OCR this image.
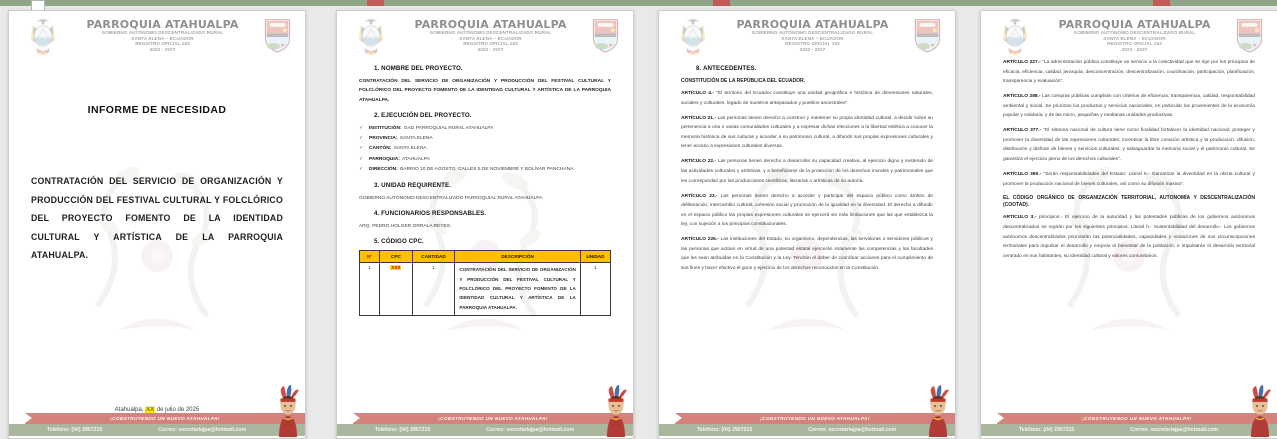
PARROQUIA ATAHUALPA
GOBIERNO AUTÓNOMO DESCENTRALIZADO RURAL
SANTA ELENA – ECUADOR
REGISTRO OFICIAL 193
2023 - 2027
INFORME DE NECESIDAD
CONTRATACIÓN DEL SERVICIO DE ORGANIZACIÓN Y PRODUCCIÓN DEL FESTIVAL CULTURAL Y FOLCLÓRICO DEL PROYECTO FOMENTO DE LA IDENTIDAD CULTURAL Y ARTÍSTICA DE LA PARROQUIA ATAHUALPA.
Atahualpa, XX de julio de 2025
¡CONSTRUYENDO UN NUEVO ATAHUALPA!
Teléfono: (04) 2907215	Correo: secretariajpa@hotmail.com
PARROQUIA ATAHUALPA
GOBIERNO AUTÓNOMO DESCENTRALIZADO RURAL
SANTA ELENA – ECUADOR
REGISTRO OFICIAL 193
2023 - 2027
1. NOMBRE DEL PROYECTO.
CONTRATACIÓN DEL SERVICIO DE ORGANIZACIÓN Y PRODUCCIÓN DEL FESTIVAL CULTURAL Y FOLCLÓRICO DEL PROYECTO FOMENTO DE LA IDENTIDAD CULTURAL Y ARTÍSTICA DE LA PARROQUIA ATAHUALPA.
2. EJECUCIÓN DEL PROYECTO.
✓	INSTITUCIÓN: GAD PARROQUIAL RURAL ATAHUALPA
✓	PROVINCIA: SANTA ELENA
✓	CANTÓN: SANTA ELENA
✓	PARROQUIA: ATAHUALPA
✓	DIRECCIÓN: BARRIO 10 DE AGOSTO, CALLES 5 DE NOVIEMBRE Y BOLÍVAR PANCHANA.
3. UNIDAD REQUIRENTE.
GOBIERNO AUTÓNOMO DESCENTRALIZADO PARROQUIAL RURAL ATAHUALPA.
4. FUNCIONARIOS RESPONSABLES.
ARQ. PEDRO HOLGER ORRALA REYES.
5. CÓDIGO CPC.
Nº	CPC	CANTIDAD	DESCRIPCIÓN	UNIDAD
1	XXX	1	CONTRATACIÓN DEL SERVICIO DE ORGANIZACIÓN Y PRODUCCIÓN DEL FESTIVAL CULTURAL Y FOLCLÓRICO DEL PROYECTO FOMENTO DE LA IDENTIDAD CULTURAL Y ARTÍSTICA DE LA PARROQUIA ATAHUALPA.	1
¡CONSTRUYENDO UN NUEVO ATAHUALPA!
Teléfono: (04) 2907215	Correo: secretariajpa@hotmail.com
PARROQUIA ATAHUALPA
GOBIERNO AUTÓNOMO DESCENTRALIZADO RURAL
SANTA ELENA – ECUADOR
REGISTRO OFICIAL 193
2023 - 2027
8. ANTECEDENTES.
CONSTITUCIÓN DE LA REPÚBLICA DEL ECUADOR.
ARTÍCULO 4.- "El territorio del Ecuador constituye una unidad geográfica e histórica de dimensiones naturales, sociales y culturales, legado de nuestros antepasados y pueblos ancestrales".
ARTÍCULO 21.- Las personas tienen derecho a construir y mantener su propia identidad cultural, a decidir sobre su pertenencia a una o varias comunidades culturales y a expresar dichas elecciones a la libertad estética a conocer la memoria histórica de sus culturas y acceder a su patrimonio cultural, a difundir sus propias expresiones culturales y tener acceso a expresiones culturales diversas.
ARTÍCULO 22.- Las personas tienen derecho a desarrollar su capacidad creativa, al ejercicio digno y sostenido de las actividades culturales y artísticas, y a beneficiarse de la protección de los derechos morales y patrimoniales que les correspondan por las producciones científicas, literarias o artísticas de su autoría.
ARTÍCULO 23.- Las personas tienen derecho a acceder y participar del espacio público como ámbito de deliberación, intercambio cultural, cohesión social y promoción de la igualdad en la diversidad. El derecho a difundir en el espacio público las propias expresiones culturales se ejercerá sin más limitaciones que las que establezca la ley, con sujeción a los principios constitucionales.
ARTÍCULO 226.- Las instituciones del Estado, su organismo, dependencias, las servidoras o servidores públicos y las personas que actúan en virtud de una potestad estatal ejercerán solamente las competencias y las facultades que les sean atribuidas en la Constitución y la Ley. Tendrán el deber de coordinar acciones para el cumplimiento de sus fines y hacer efectivo el goce y ejercicio de los derechos reconocidos en la Constitución.
¡CONSTRUYENDO UN NUEVO ATAHUALPA!
Teléfono: (04) 2907215	Correo: secretariajpa@hotmail.com
PARROQUIA ATAHUALPA
GOBIERNO AUTÓNOMO DESCENTRALIZADO RURAL
SANTA ELENA – ECUADOR
REGISTRO OFICIAL 193
2023 - 2027
ARTÍCULO 227.- "La administración pública constituye un servicio a la colectividad que se rige por los principios de eficacia, eficiencia, calidad, jerarquía, desconcentración, descentralización, coordinación, participación, planificación, transparencia y evaluación".
ARTÍCULO 288.- Las compras públicas cumplirán con criterios de eficiencia, transparencia, calidad, responsabilidad ambiental y social. Se priorizan los productos y servicios nacionales, en particular los provenientes de la economía popular y solidaria, y de las micro, pequeñas y medianas unidades productivas.
ARTÍCULO 377.- "El sistema nacional de cultura tiene como finalidad fortalecer la identidad nacional; proteger y promover la diversidad de las expresiones culturales; incentivar la libre creación artística y la producción, difusión, distribución y disfrute de bienes y servicios culturales; y salvaguardar la memoria social y el patrimonio cultural. Se garantiza el ejercicio pleno de los derechos culturales".
ARTÍCULO 380.- "Serán responsabilidades del Estado: Literal 6.- Garantizar la diversidad en la oferta cultural y promover la producción nacional de bienes culturales, así como su difusión masiva".
EL CÓDIGO ORGÁNICO DE ORGANIZACIÓN TERRITORIAL, AUTONOMÍA Y DESCENTRALIZACIÓN (COOTAD).
ARTÍCULO 3.- principios.- El ejercicio de la autoridad y las potestades públicas de los gobiernos autónomos descentralizados se regirán por los siguientes principios: Literal h.- Sustentabilidad del desarrollo.- Los gobiernos autónomos descentralizados priorizarán las potencialidades, capacidades y vocaciones de sus circunscripciones territoriales para impulsar el desarrollo y mejorar el bienestar de la población, e impulsarán el desarrollo territorial centrado en sus habitantes, su identidad cultural y valores comunitarios.
¡CONSTRUYENDO UN NUEVO ATAHUALPA!
Teléfono: (04) 2907215	Correo: secretariajpa@hotmail.com
